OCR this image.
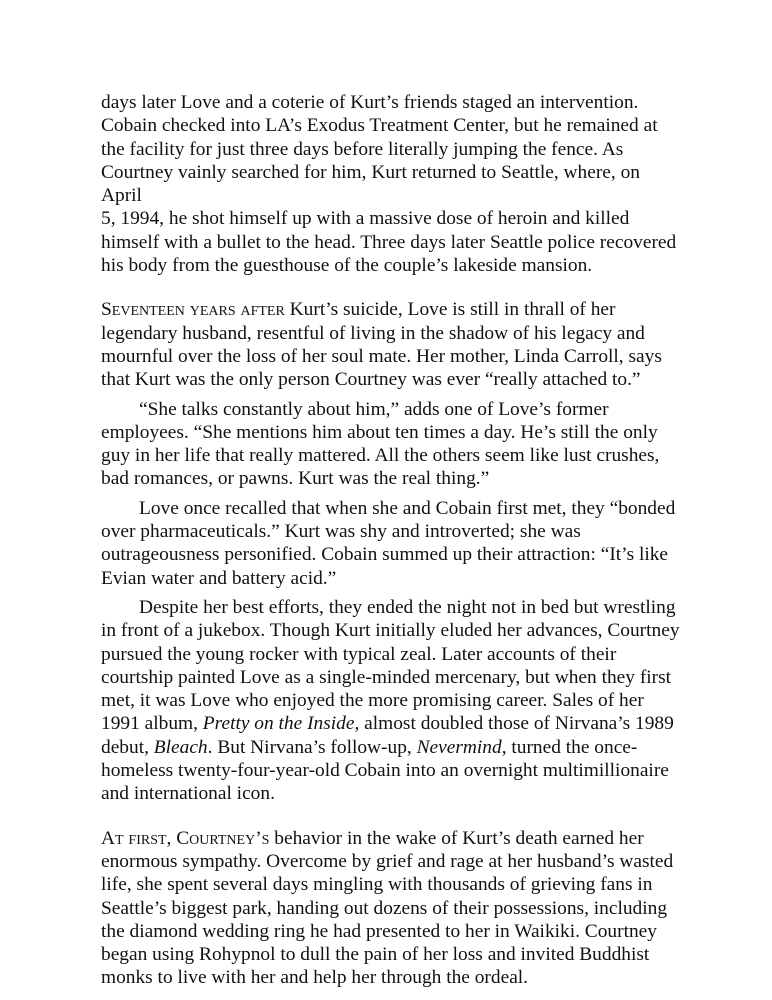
days later Love and a coterie of Kurt’s friends staged an intervention.
Cobain checked into LA’s Exodus Treatment Center, but he remained at
the facility for just three days before literally jumping the fence. As
Courtney vainly searched for him, Kurt returned to Seattle, where, on April
5, 1994, he shot himself up with a massive dose of heroin and killed
himself with a bullet to the head. Three days later Seattle police recovered
his body from the guesthouse of the couple’s lakeside mansion.

Seventeen years after Kurt’s suicide, Love is still in thrall of her
legendary husband, resentful of living in the shadow of his legacy and
mournful over the loss of her soul mate. Her mother, Linda Carroll, says
that Kurt was the only person Courtney was ever “really attached to.”

“She talks constantly about him,” adds one of Love’s former
employees. “She mentions him about ten times a day. He’s still the only
guy in her life that really mattered. All the others seem like lust crushes,
bad romances, or pawns. Kurt was the real thing.”

Love once recalled that when she and Cobain first met, they “bonded
over pharmaceuticals.” Kurt was shy and introverted; she was
outrageousness personified. Cobain summed up their attraction: “It’s like
Evian water and battery acid.”

Despite her best efforts, they ended the night not in bed but wrestling
in front of a jukebox. Though Kurt initially eluded her advances, Courtney
pursued the young rocker with typical zeal. Later accounts of their
courtship painted Love as a single-minded mercenary, but when they first
met, it was Love who enjoyed the more promising career. Sales of her
1991 album, Pretty on the Inside, almost doubled those of Nirvana’s 1989
debut, Bleach. But Nirvana’s follow-up, Nevermind, turned the once-
homeless twenty-four-year-old Cobain into an overnight multimillionaire
and international icon.

At first, Courtney’s behavior in the wake of Kurt’s death earned her
enormous sympathy. Overcome by grief and rage at her husband’s wasted
life, she spent several days mingling with thousands of grieving fans in
Seattle’s biggest park, handing out dozens of their possessions, including
the diamond wedding ring he had presented to her in Waikiki. Courtney
began using Rohypnol to dull the pain of her loss and invited Buddhist
monks to live with her and help her through the ordeal.
